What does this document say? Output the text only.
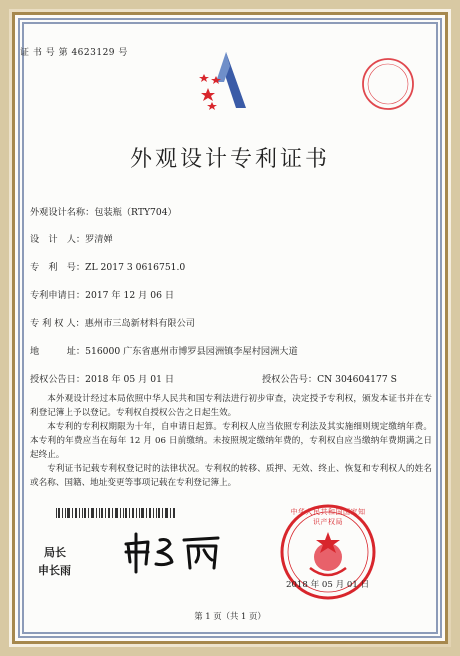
证 书 号 第 4623129 号
外观设计专利证书
外观设计名称：包装瓶（RTY704）
设　计　人：罗清婵
专　利　号：ZL 2017 3 0616751.0
专利申请日：2017 年 12 月 06 日
专 利 权 人：惠州市三岛新材料有限公司
地　　　址：516000 广东省惠州市博罗县园洲镇李屋村园洲大道
授权公告日：2018 年 05 月 01 日	授权公告号：CN 304604177 S
本外观设计经过本局依照中华人民共和国专利法进行初步审查，决定授予专利权，颁发本证书并在专利登记簿上予以登记。专利权自授权公告之日起生效。
本专利的专利权期限为十年，自申请日起算。专利权人应当依照专利法及其实施细则规定缴纳年费。本专利的年费应当在每年 12 月 06 日前缴纳。未按照规定缴纳年费的，专利权自应当缴纳年费期满之日起终止。
专利证书记载专利权登记时的法律状况。专利权的转移、质押、无效、终止、恢复和专利权人的姓名或名称、国籍、地址变更等事项记载在专利登记簿上。
局长
申长雨
中华人民共和国国家知识产权局
2018 年 05 月 01 日
第 1 页（共 1 页）
